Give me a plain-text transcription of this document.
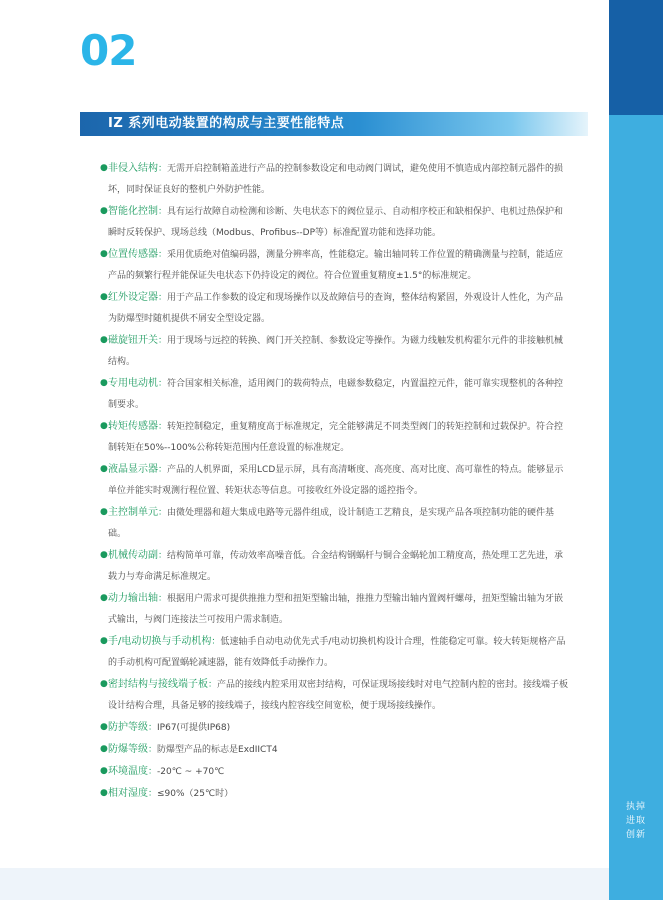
执掉
进取
创新
02
IZ 系列电动装置的构成与主要性能特点
● 非侵入结构：无需开启控制箱盖进行产品的控制参数设定和电动阀门调试，避免使用不慎造成内部控制元器件的损坏，同时保证良好的整机户外防护性能。
● 智能化控制：具有运行故障自动检测和诊断、失电状态下的阀位显示、自动相序校正和缺相保护、电机过热保护和瞬时反转保护、现场总线（Modbus、Profibus--DP等）标准配置功能和选择功能。
● 位置传感器：采用优质绝对值编码器，测量分辨率高，性能稳定。输出轴同转工作位置的精确测量与控制，能适应产品的频繁行程并能保证失电状态下仍持设定的阀位。符合位置重复精度±1.5°的标准规定。
● 红外设定器：用于产品工作参数的设定和现场操作以及故障信号的查询，整体结构紧固，外观设计人性化，为产品为防爆型时随机提供不屑安全型设定器。
● 磁旋钮开关：用于现场与远控的转换、阀门开关控制、参数设定等操作。为磁力线触发机构霍尔元件的非接触机械结构。
● 专用电动机：符合国家相关标准，适用阀门的载荷特点，电磁参数稳定，内置温控元件，能可靠实现整机的各种控制要求。
● 转矩传感器：转矩控制稳定，重复精度高于标准规定，完全能够满足不同类型阀门的转矩控制和过载保护。符合控制转矩在50%--100%公称转矩范围内任意设置的标准规定。
● 液晶显示器：产品的人机界面，采用LCD显示屏，具有高清晰度、高亮度、高对比度、高可靠性的特点。能够显示单位并能实时观测行程位置、转矩状态等信息。可接收红外设定器的遥控指令。
● 主控制单元：由微处理器和超大集成电路等元器件组成，设计制造工艺精良，是实现产品各项控制功能的硬件基础。
● 机械传动副：结构简单可靠，传动效率高噪音低。合金结构钢蜗杆与铜合金蜗轮加工精度高，热处理工艺先进，承载力与寿命满足标准规定。
● 动力输出轴：根据用户需求可提供推推力型和扭矩型输出轴，推推力型输出轴内置阀杆螺母，扭矩型输出轴为牙嵌式输出，与阀门连接法兰可按用户需求制造。
● 手/电动切换与手动机构：低速轴手自动电动优先式手/电动切换机构设计合理，性能稳定可靠。较大转矩规格产品的手动机构可配置蜗轮减速器，能有效降低手动操作力。
● 密封结构与接线端子板：产品的接线内腔采用双密封结构，可保证现场接线时对电气控制内腔的密封。接线端子板设计结构合理，具备足够的接线端子，接线内腔容线空间宽松，便于现场接线操作。
● 防护等级：IP67(可提供IP68)
● 防爆等级：防爆型产品的标志是ExdIICT4
● 环境温度：-20℃ ~ +70℃
● 相对湿度：≤90%（25℃时）
